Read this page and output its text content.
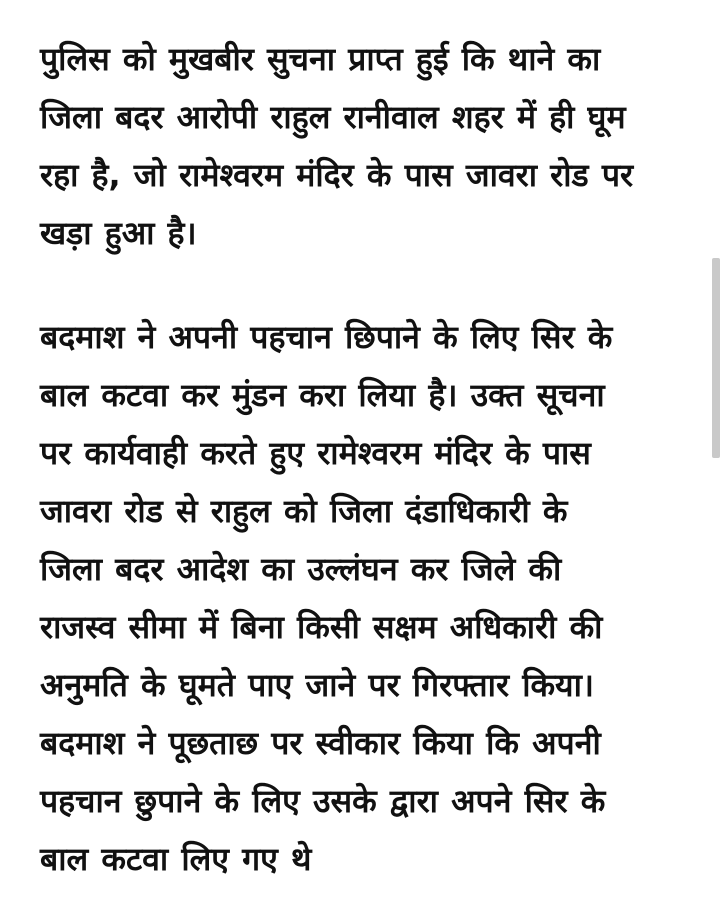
पुलिस को मुखबीर सुचना प्राप्त हुई कि थाने का
जिला बदर आरोपी राहुल रानीवाल शहर में ही घूम
रहा है, जो रामेश्वरम मंदिर के पास जावरा रोड पर
खड़ा हुआ है।

बदमाश ने अपनी पहचान छिपाने के लिए सिर के
बाल कटवा कर मुंडन करा लिया है। उक्त सूचना
पर कार्यवाही करते हुए रामेश्वरम मंदिर के पास
जावरा रोड से राहुल को जिला दंडाधिकारी के
जिला बदर आदेश का उल्लंघन कर जिले की
राजस्व सीमा में बिना किसी सक्षम अधिकारी की
अनुमति के घूमते पाए जाने पर गिरफ्तार किया।
बदमाश ने पूछताछ पर स्वीकार किया कि अपनी
पहचान छुपाने के लिए उसके द्वारा अपने सिर के
बाल कटवा लिए गए थे
